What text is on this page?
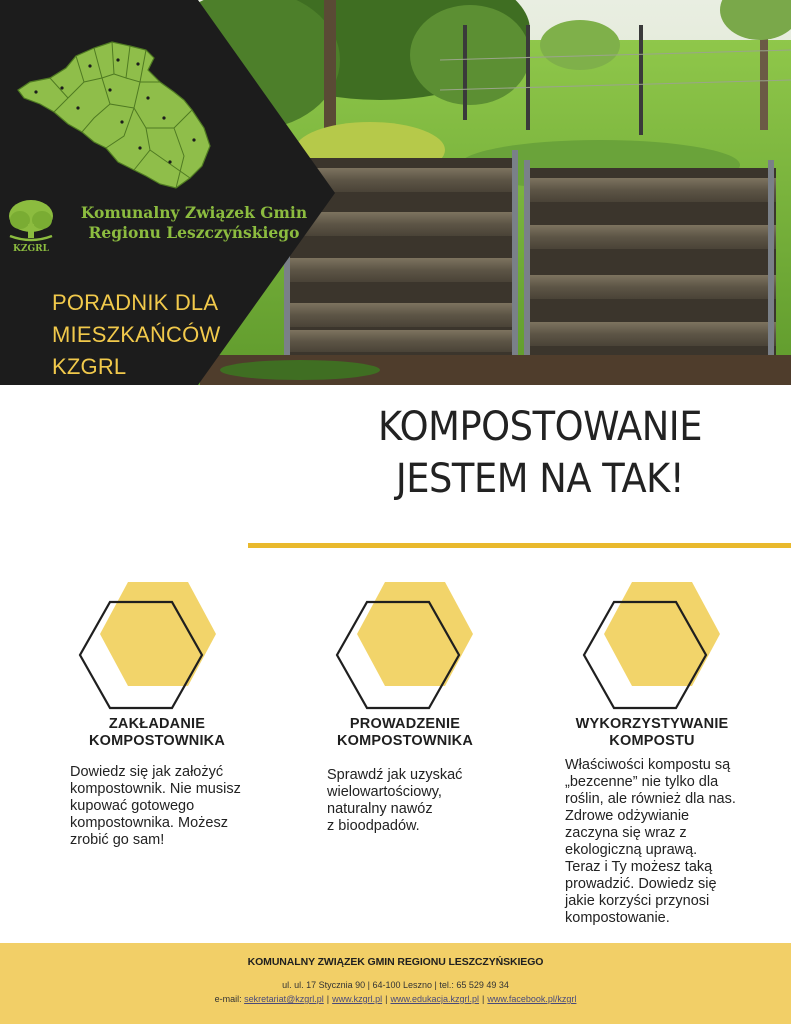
KZGRL
Komunalny Związek Gmin
Regionu Leszczyńskiego
PORADNIK DLA
MIESZKAŃCÓW
KZGRL
KOMPOSTOWANIE
JESTEM NA TAK!
ZAKŁADANIE
KOMPOSTOWNIKA
Dowiedz się jak założyć
kompostownik. Nie musisz
kupować gotowego
kompostownika. Możesz
zrobić go sam!
PROWADZENIE
KOMPOSTOWNIKA
Sprawdź jak uzyskać
wielowartościowy,
naturalny nawóz
z bioodpadów.
WYKORZYSTYWANIE
KOMPOSTU
Właściwości kompostu są
„bezcenne” nie tylko dla
roślin, ale również dla nas.
Zdrowe odżywianie
zaczyna się wraz z
ekologiczną uprawą.
Teraz i Ty możesz taką
prowadzić. Dowiedz się
jakie korzyści przynosi
kompostowanie.
KOMUNALNY ZWIĄZEK GMIN REGIONU LESZCZYŃSKIEGO
ul. ul. 17 Stycznia 90 | 64-100 Leszno | tel.: 65 529 49 34
e-mail: sekretariat@kzgrl.pl | www.kzgrl.pl | www.edukacja.kzgrl.pl | www.facebook.pl/kzgrl
